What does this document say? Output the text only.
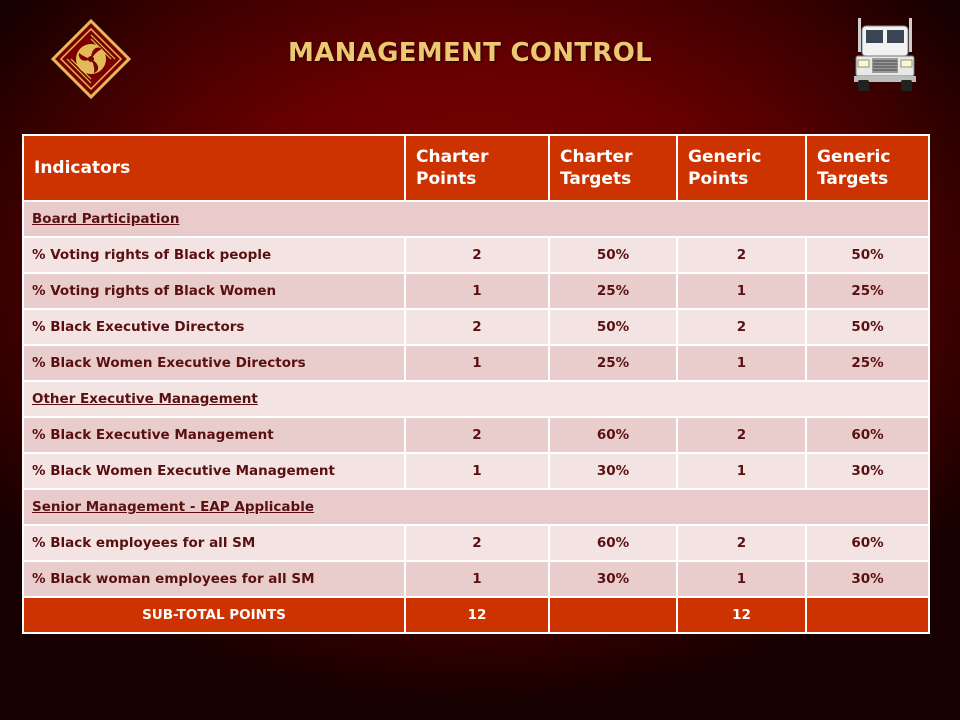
MANAGEMENT CONTROL
Indicators	Charter Points	Charter Targets	Generic Points	Generic Targets
Board Participation				
% Voting rights of Black people	2	50%	2	50%
% Voting rights of Black Women	1	25%	1	25%
% Black Executive Directors	2	50%	2	50%
% Black Women Executive Directors	1	25%	1	25%
Other Executive Management				
% Black Executive Management	2	60%	2	60%
% Black Women Executive Management	1	30%	1	30%
Senior Management - EAP Applicable				
% Black employees for all SM	2	60%	2	60%
% Black woman employees for all SM	1	30%	1	30%
SUB-TOTAL POINTS	12		12	
